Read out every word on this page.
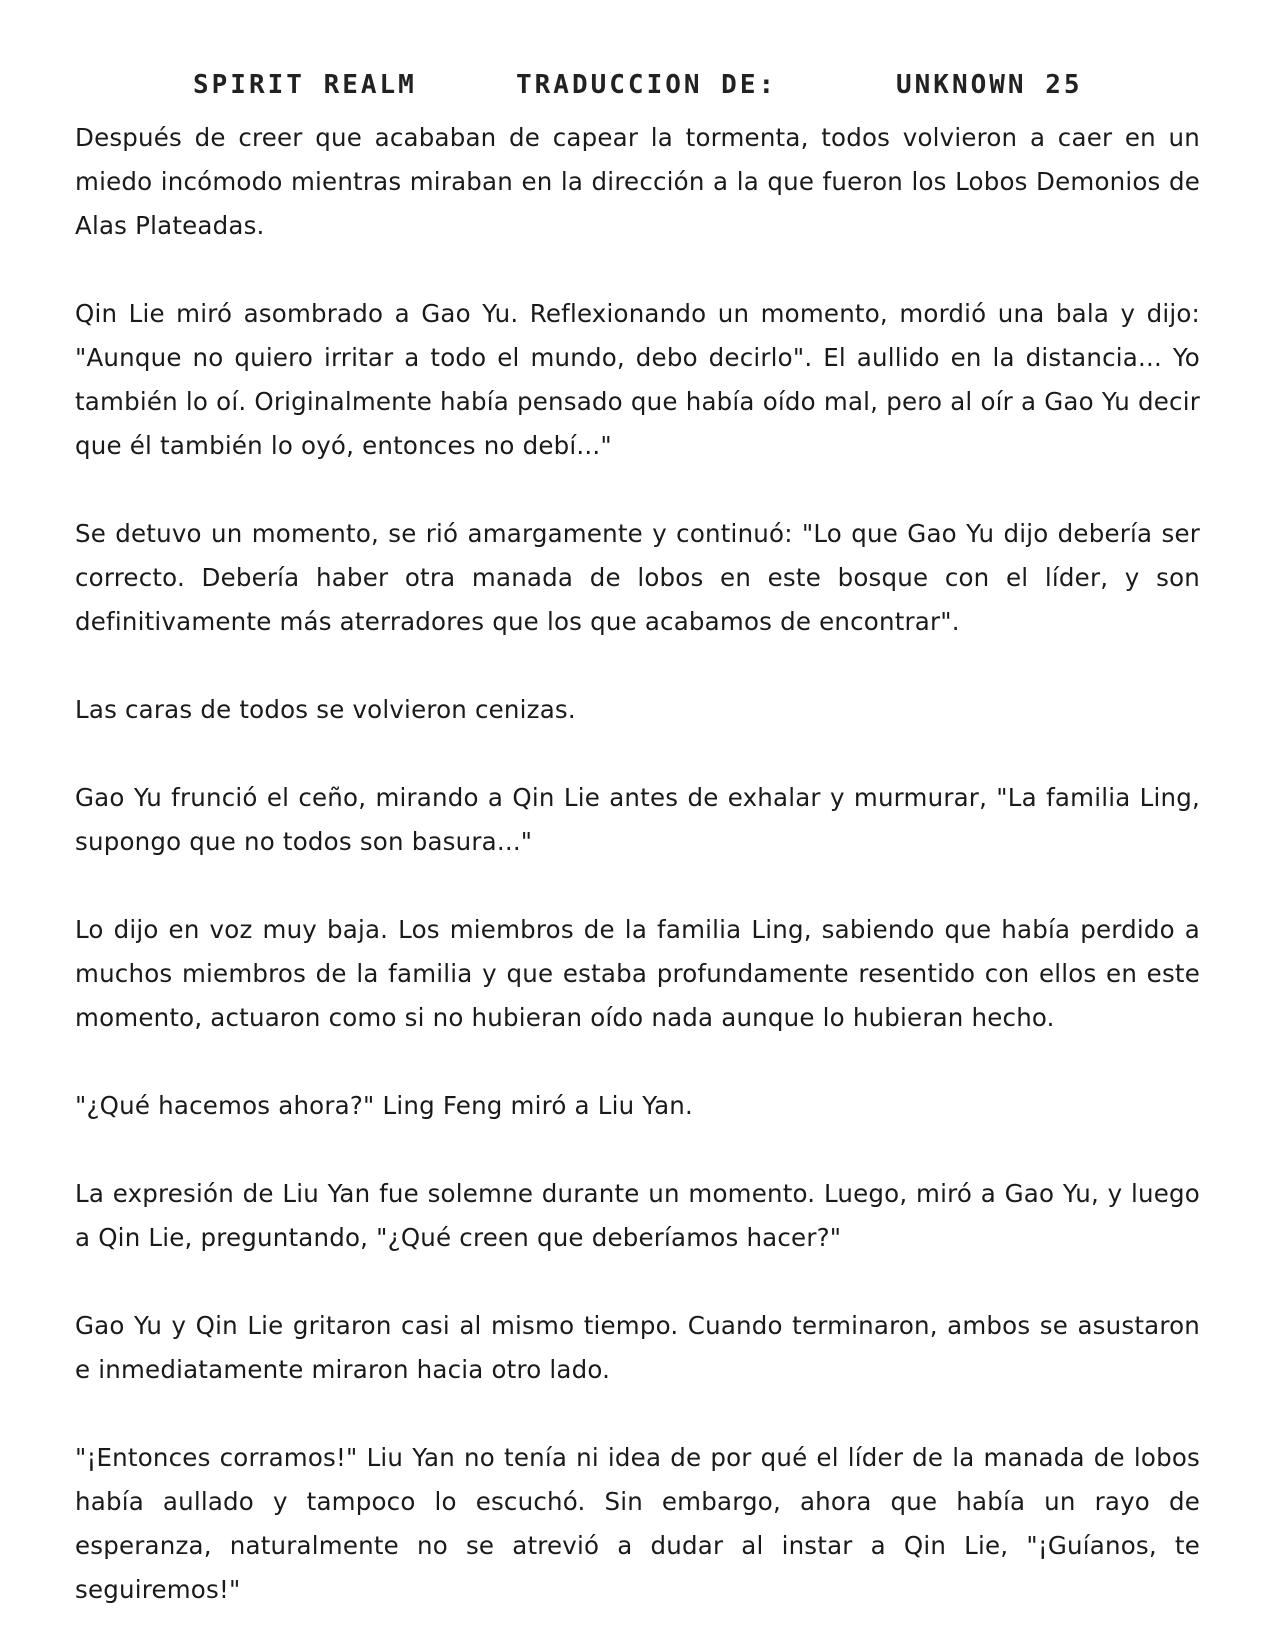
SPIRIT REALM	TRADUCCION DE:	UNKNOWN 25

Después de creer que acababan de capear la tormenta, todos volvieron a caer en un miedo incómodo mientras miraban en la dirección a la que fueron los Lobos Demonios de Alas Plateadas.

Qin Lie miró asombrado a Gao Yu. Reflexionando un momento, mordió una bala y dijo: "Aunque no quiero irritar a todo el mundo, debo decirlo". El aullido en la distancia... Yo también lo oí. Originalmente había pensado que había oído mal, pero al oír a Gao Yu decir que él también lo oyó, entonces no debí..."

Se detuvo un momento, se rió amargamente y continuó: "Lo que Gao Yu dijo debería ser correcto. Debería haber otra manada de lobos en este bosque con el líder, y son definitivamente más aterradores que los que acabamos de encontrar".

Las caras de todos se volvieron cenizas.

Gao Yu frunció el ceño, mirando a Qin Lie antes de exhalar y murmurar, "La familia Ling, supongo que no todos son basura..."

Lo dijo en voz muy baja. Los miembros de la familia Ling, sabiendo que había perdido a muchos miembros de la familia y que estaba profundamente resentido con ellos en este momento, actuaron como si no hubieran oído nada aunque lo hubieran hecho.

"¿Qué hacemos ahora?" Ling Feng miró a Liu Yan.

La expresión de Liu Yan fue solemne durante un momento. Luego, miró a Gao Yu, y luego a Qin Lie, preguntando, "¿Qué creen que deberíamos hacer?"

Gao Yu y Qin Lie gritaron casi al mismo tiempo. Cuando terminaron, ambos se asustaron e inmediatamente miraron hacia otro lado.

"¡Entonces corramos!" Liu Yan no tenía ni idea de por qué el líder de la manada de lobos había aullado y tampoco lo escuchó. Sin embargo, ahora que había un rayo de esperanza, naturalmente no se atrevió a dudar al instar a Qin Lie, "¡Guíanos, te seguiremos!"
